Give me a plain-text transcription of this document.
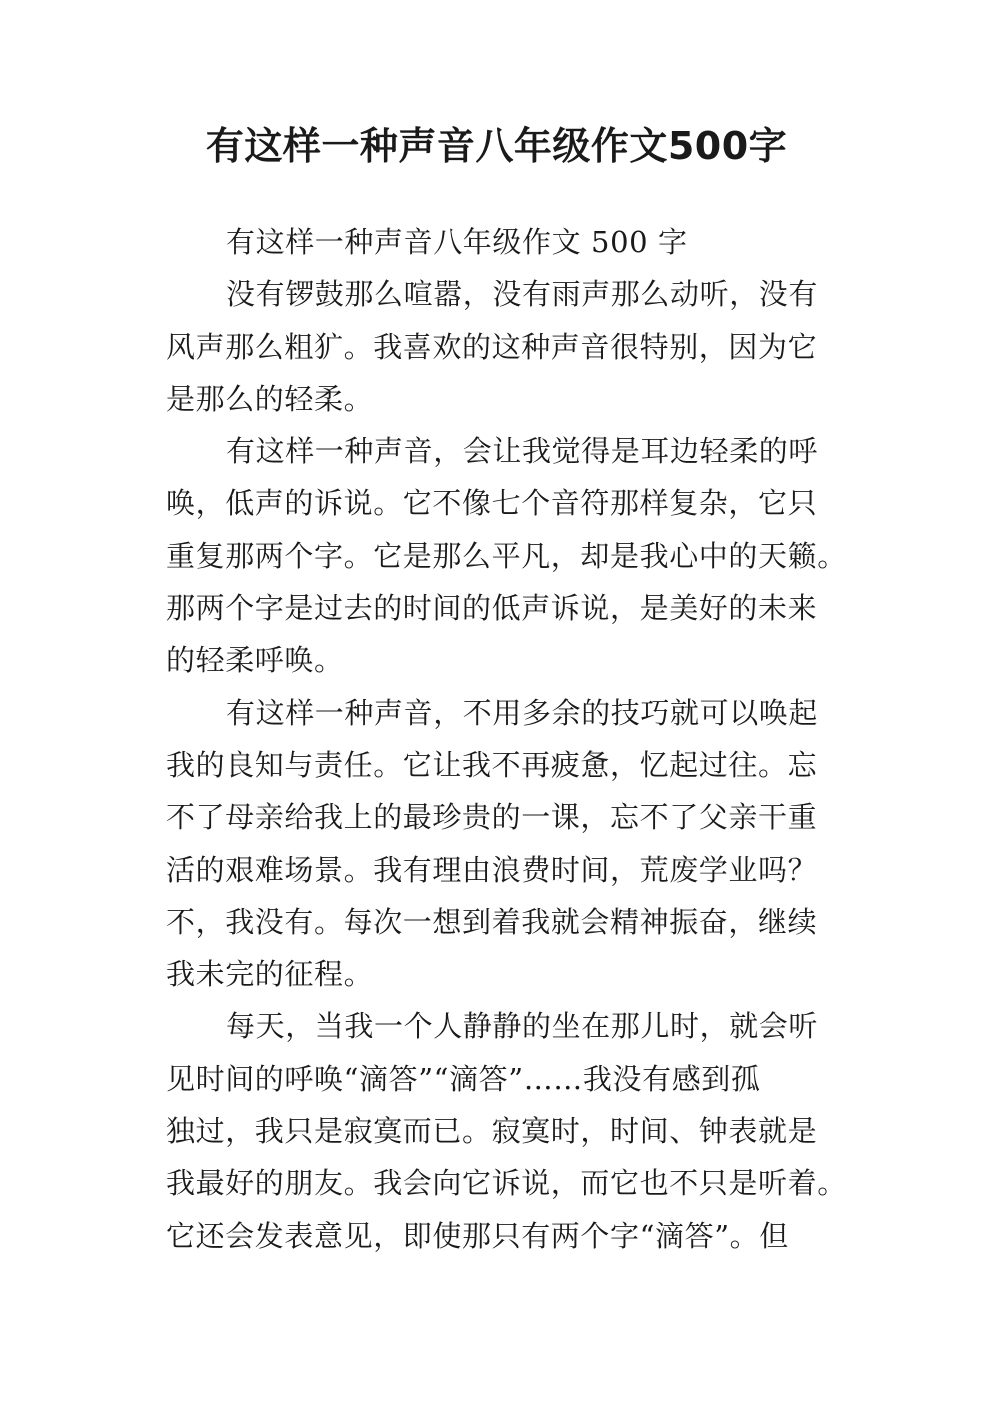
有这样一种声音八年级作文500字
有这样一种声音八年级作文 500 字
没有锣鼓那么喧嚣，没有雨声那么动听，没有
风声那么粗犷。我喜欢的这种声音很特别，因为它
是那么的轻柔。
有这样一种声音，会让我觉得是耳边轻柔的呼
唤，低声的诉说。它不像七个音符那样复杂，它只
重复那两个字。它是那么平凡，却是我心中的天籁。
那两个字是过去的时间的低声诉说，是美好的未来
的轻柔呼唤。
有这样一种声音，不用多余的技巧就可以唤起
我的良知与责任。它让我不再疲惫，忆起过往。忘
不了母亲给我上的最珍贵的一课，忘不了父亲干重
活的艰难场景。我有理由浪费时间，荒废学业吗？
不，我没有。每次一想到着我就会精神振奋，继续
我未完的征程。
每天，当我一个人静静的坐在那儿时，就会听
见时间的呼唤“滴答”“滴答”……我没有感到孤
独过，我只是寂寞而已。寂寞时，时间、钟表就是
我最好的朋友。我会向它诉说，而它也不只是听着。
它还会发表意见，即使那只有两个字“滴答”。但
